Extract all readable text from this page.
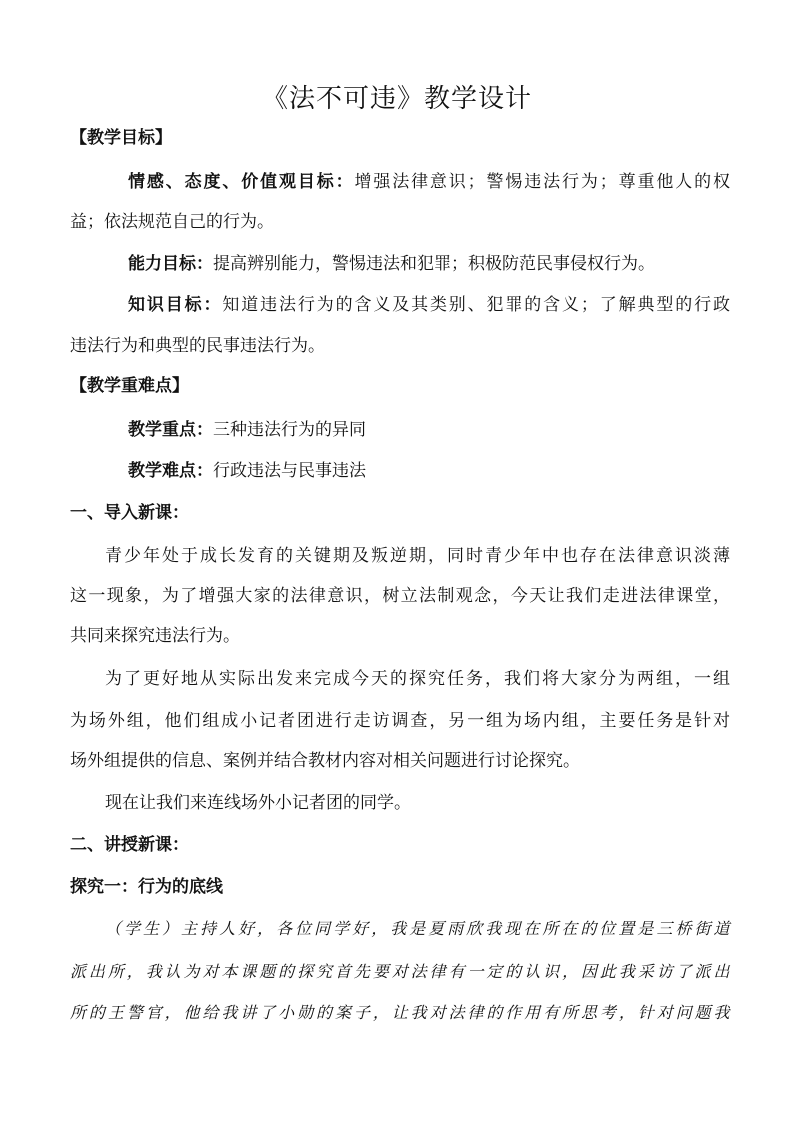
《法不可违》教学设计
【教学目标】
情感、态度、价值观目标：增强法律意识；警惕违法行为；尊重他人的权
益；依法规范自己的行为。
能力目标：提高辨别能力，警惕违法和犯罪；积极防范民事侵权行为。
知识目标：知道违法行为的含义及其类别、犯罪的含义；了解典型的行政
违法行为和典型的民事违法行为。
【教学重难点】
教学重点：三种违法行为的异同
教学难点：行政违法与民事违法
一、导入新课：
青少年处于成长发育的关键期及叛逆期，同时青少年中也存在法律意识淡薄
这一现象，为了增强大家的法律意识，树立法制观念，今天让我们走进法律课堂，
共同来探究违法行为。
为了更好地从实际出发来完成今天的探究任务，我们将大家分为两组，一组
为场外组，他们组成小记者团进行走访调查，另一组为场内组，主要任务是针对
场外组提供的信息、案例并结合教材内容对相关问题进行讨论探究。
现在让我们来连线场外小记者团的同学。
二、讲授新课：
探究一：行为的底线
（学生）主持人好，各位同学好，我是夏雨欣我现在所在的位置是三桥街道
派出所，我认为对本课题的探究首先要对法律有一定的认识，因此我采访了派出
所的王警官，他给我讲了小勋的案子，让我对法律的作用有所思考，针对问题我
